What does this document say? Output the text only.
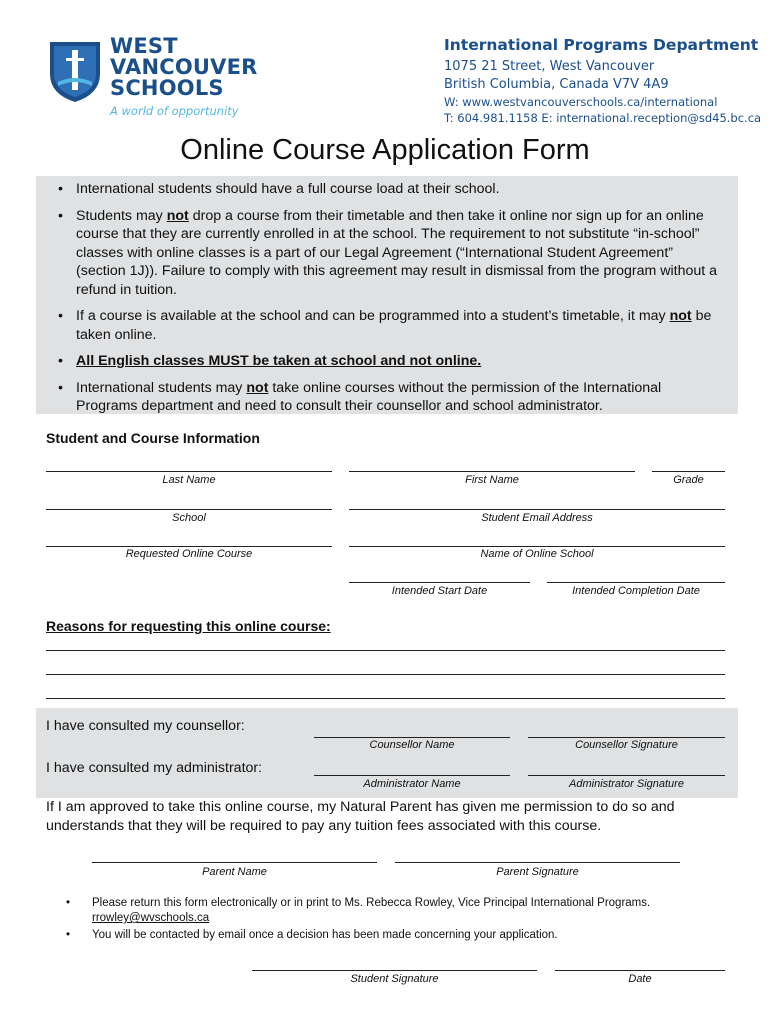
WEST
VANCOUVER
SCHOOLS
A world of opportunity
International Programs Department
1075 21 Street, West Vancouver
British Columbia, Canada V7V 4A9
W: www.westvancouverschools.ca/international
T: 604.981.1158 E: international.reception@sd45.bc.ca
Online Course Application Form
• International students should have a full course load at their school.
• Students may not drop a course from their timetable and then take it online nor sign up for an online course that they are currently enrolled in at the school. The requirement to not substitute “in-school” classes with online classes is a part of our Legal Agreement (“International Student Agreement” (section 1J)). Failure to comply with this agreement may result in dismissal from the program without a refund in tuition.
• If a course is available at the school and can be programmed into a student’s timetable, it may not be taken online.
• All English classes MUST be taken at school and not online.
• International students may not take online courses without the permission of the International Programs department and need to consult their counsellor and school administrator.
Student and Course Information
Last Name	First Name	Grade
School	Student Email Address
Requested Online Course	Name of Online School
Intended Start Date	Intended Completion Date
Reasons for requesting this online course:
I have consulted my counsellor:
Counsellor Name	Counsellor Signature
I have consulted my administrator:
Administrator Name	Administrator Signature
If I am approved to take this online course, my Natural Parent has given me permission to do so and understands that they will be required to pay any tuition fees associated with this course.
Parent Name	Parent Signature
• Please return this form electronically or in print to Ms. Rebecca Rowley, Vice Principal International Programs.
rrowley@wvschools.ca
• You will be contacted by email once a decision has been made concerning your application.
Student Signature	Date
